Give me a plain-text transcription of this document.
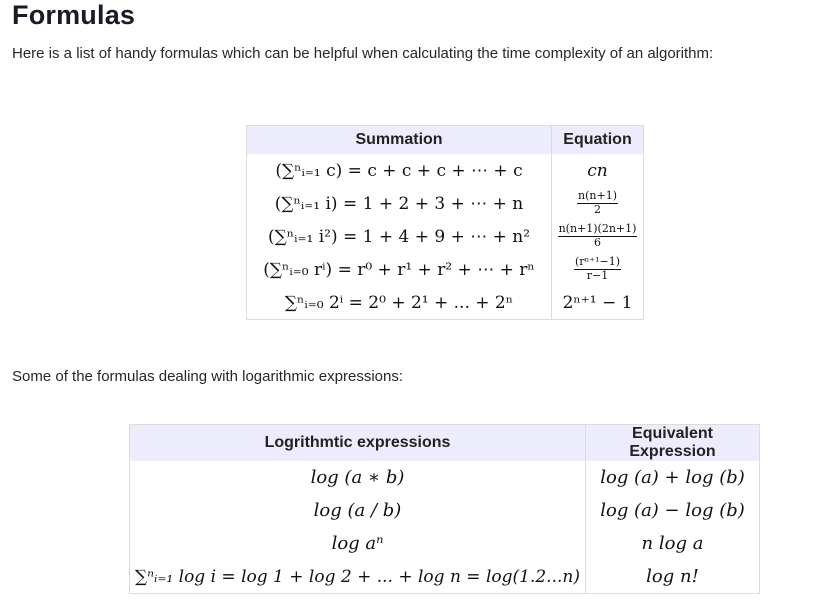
Formulas
Here is a list of handy formulas which can be helpful when calculating the time complexity of an algorithm:
Summation	Equation
(∑ⁿᵢ₌₁ c) = c + c + c + ⋯ + c	cn
(∑ⁿᵢ₌₁ i) = 1 + 2 + 3 + ⋯ + n	$\frac{n(n+1)}{2}$

(∑ⁿᵢ₌₁ i²) = 1 + 4 + 9 + ⋯ + n²	$\frac{n(n+1)(2n+1)}{6}$

(∑ⁿᵢ₌₀ rⁱ) = r⁰ + r¹ + r² + ⋯ + rⁿ	$\frac{\text{(rⁿ⁺¹−1)}}{r-1}$

∑ⁿᵢ₌₀ 2ⁱ = 2⁰ + 2¹ + ... + 2ⁿ	2ⁿ⁺¹ − 1
Some of the formulas dealing with logarithmic expressions:
Logrithmtic expressions	Equivalent Expression
log (a ∗ b)	log (a) + log (b)
log (a / b)	log (a) − log (b)
log aⁿ	n log a
∑ⁿᵢ₌₁ log i = log 1 + log 2 + ... + log n = log(1.2...n)	log n!
